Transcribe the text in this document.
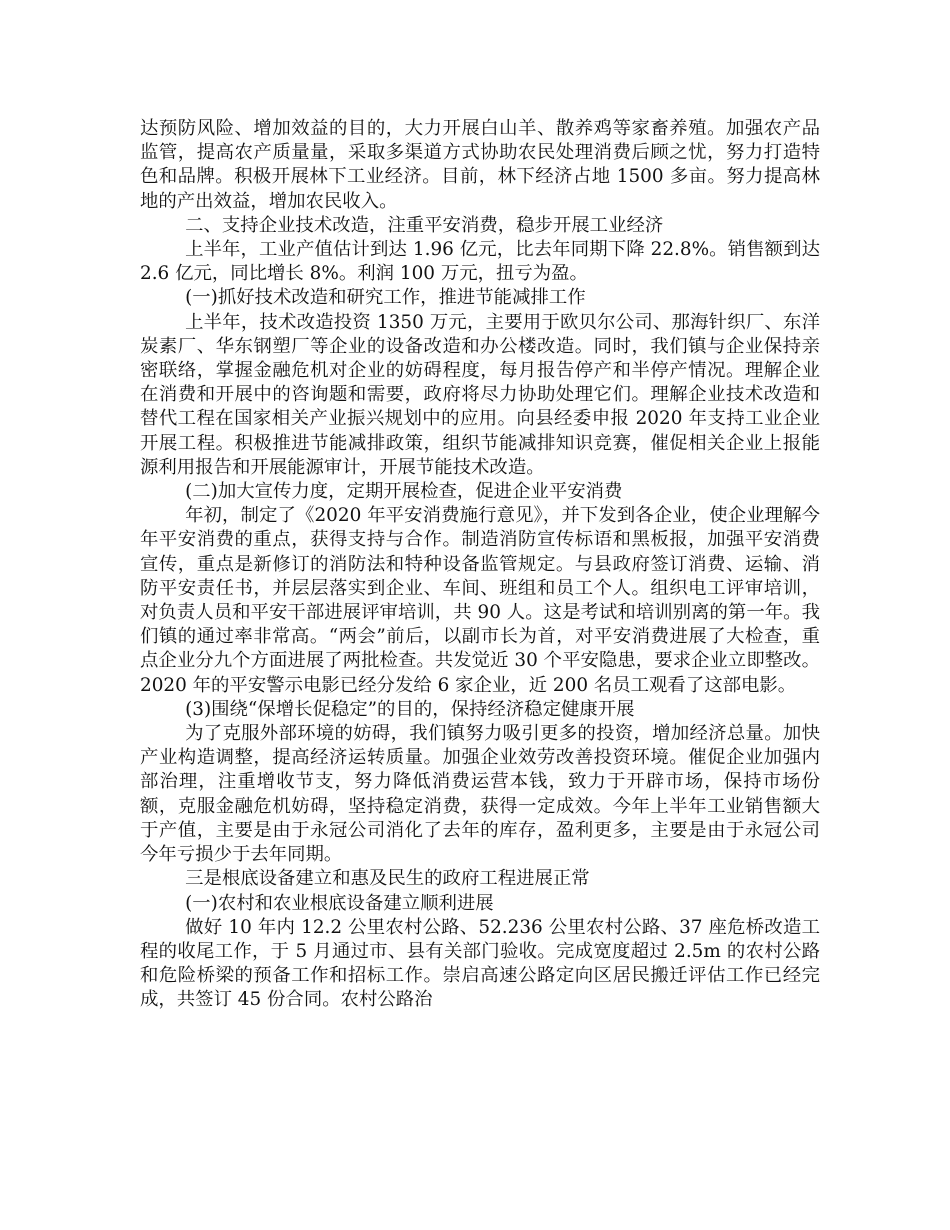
达预防风险、增加效益的目的，大力开展白山羊、散养鸡等家畜养殖。加强农产品监管，提高农产质量量，采取多渠道方式协助农民处理消费后顾之忧，努力打造特色和品牌。积极开展林下工业经济。目前，林下经济占地 1500 多亩。努力提高林地的产出效益，增加农民收入。

二、支持企业技术改造，注重平安消费，稳步开展工业经济

上半年，工业产值估计到达 1.96 亿元，比去年同期下降 22.8%。销售额到达 2.6 亿元，同比增长 8%。利润 100 万元，扭亏为盈。

(一)抓好技术改造和研究工作，推进节能减排工作

上半年，技术改造投资 1350 万元，主要用于欧贝尔公司、那海针织厂、东洋炭素厂、华东钢塑厂等企业的设备改造和办公楼改造。同时，我们镇与企业保持亲密联络，掌握金融危机对企业的妨碍程度，每月报告停产和半停产情况。理解企业在消费和开展中的咨询题和需要，政府将尽力协助处理它们。理解企业技术改造和替代工程在国家相关产业振兴规划中的应用。向县经委申报 2020 年支持工业企业开展工程。积极推进节能减排政策，组织节能减排知识竞赛，催促相关企业上报能源利用报告和开展能源审计，开展节能技术改造。

(二)加大宣传力度，定期开展检查，促进企业平安消费

年初，制定了《2020 年平安消费施行意见》，并下发到各企业，使企业理解今年平安消费的重点，获得支持与合作。制造消防宣传标语和黑板报，加强平安消费宣传，重点是新修订的消防法和特种设备监管规定。与县政府签订消费、运输、消防平安责任书，并层层落实到企业、车间、班组和员工个人。组织电工评审培训，对负责人员和平安干部进展评审培训，共 90 人。这是考试和培训别离的第一年。我们镇的通过率非常高。“两会”前后，以副市长为首，对平安消费进展了大检查，重点企业分九个方面进展了两批检查。共发觉近 30 个平安隐患，要求企业立即整改。2020 年的平安警示电影已经分发给 6 家企业，近 200 名员工观看了这部电影。

(3)围绕“保增长促稳定”的目的，保持经济稳定健康开展

为了克服外部环境的妨碍，我们镇努力吸引更多的投资，增加经济总量。加快产业构造调整，提高经济运转质量。加强企业效劳改善投资环境。催促企业加强内部治理，注重增收节支，努力降低消费运营本钱，致力于开辟市场，保持市场份额，克服金融危机妨碍，坚持稳定消费，获得一定成效。今年上半年工业销售额大于产值，主要是由于永冠公司消化了去年的库存，盈利更多，主要是由于永冠公司今年亏损少于去年同期。

三是根底设备建立和惠及民生的政府工程进展正常

(一)农村和农业根底设备建立顺利进展

做好 10 年内 12.2 公里农村公路、52.236 公里农村公路、37 座危桥改造工程的收尾工作，于 5 月通过市、县有关部门验收。完成宽度超过 2.5m 的农村公路和危险桥梁的预备工作和招标工作。崇启高速公路定向区居民搬迁评估工作已经完成，共签订 45 份合同。农村公路治
